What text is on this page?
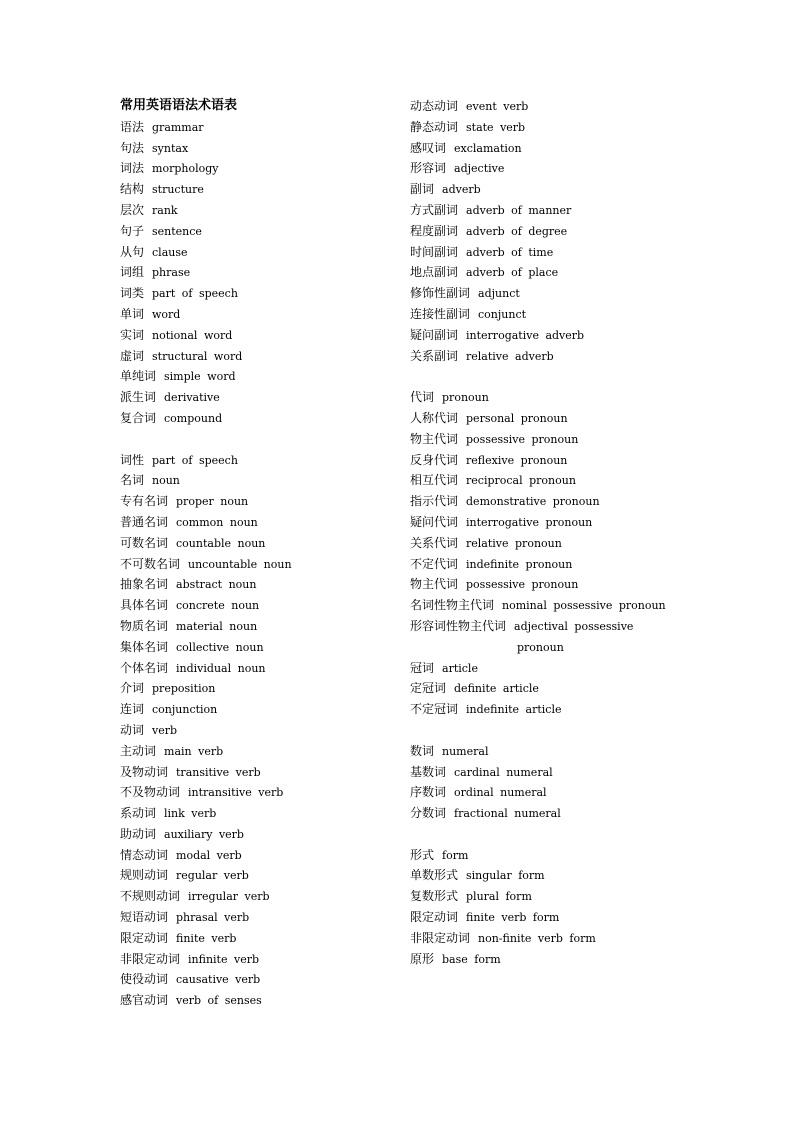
常用英语语法术语表
语法 grammar
句法 syntax
词法 morphology
结构 structure
层次 rank
句子 sentence
从句 clause
词组 phrase
词类 part of speech
单词 word
实词 notional word
虚词 structural word
单纯词 simple word
派生词 derivative
复合词 compound
词性 part of speech
名词 noun
专有名词 proper noun
普通名词 common noun
可数名词 countable noun
不可数名词 uncountable noun
抽象名词 abstract noun
具体名词 concrete noun
物质名词 material noun
集体名词 collective noun
个体名词 individual noun
介词 preposition
连词 conjunction
动词 verb
主动词 main verb
及物动词 transitive verb
不及物动词 intransitive verb
系动词 link verb
助动词 auxiliary verb
情态动词 modal verb
规则动词 regular verb
不规则动词 irregular verb
短语动词 phrasal verb
限定动词 finite verb
非限定动词 infinite verb
使役动词 causative verb
感官动词 verb of senses
动态动词 event verb
静态动词 state verb
感叹词 exclamation
形容词 adjective
副词 adverb
方式副词 adverb of manner
程度副词 adverb of degree
时间副词 adverb of time
地点副词 adverb of place
修饰性副词 adjunct
连接性副词 conjunct
疑问副词 interrogative adverb
关系副词 relative adverb
代词 pronoun
人称代词 personal pronoun
物主代词 possessive pronoun
反身代词 reflexive pronoun
相互代词 reciprocal pronoun
指示代词 demonstrative pronoun
疑问代词 interrogative pronoun
关系代词 relative pronoun
不定代词 indefinite pronoun
物主代词 possessive pronoun
名词性物主代词 nominal possessive pronoun
形容词性物主代词 adjectival possessive
pronoun
冠词 article
定冠词 definite article
不定冠词 indefinite article
数词 numeral
基数词 cardinal numeral
序数词 ordinal numeral
分数词 fractional numeral
形式 form
单数形式 singular form
复数形式 plural form
限定动词 finite verb form
非限定动词 non-finite verb form
原形 base form
